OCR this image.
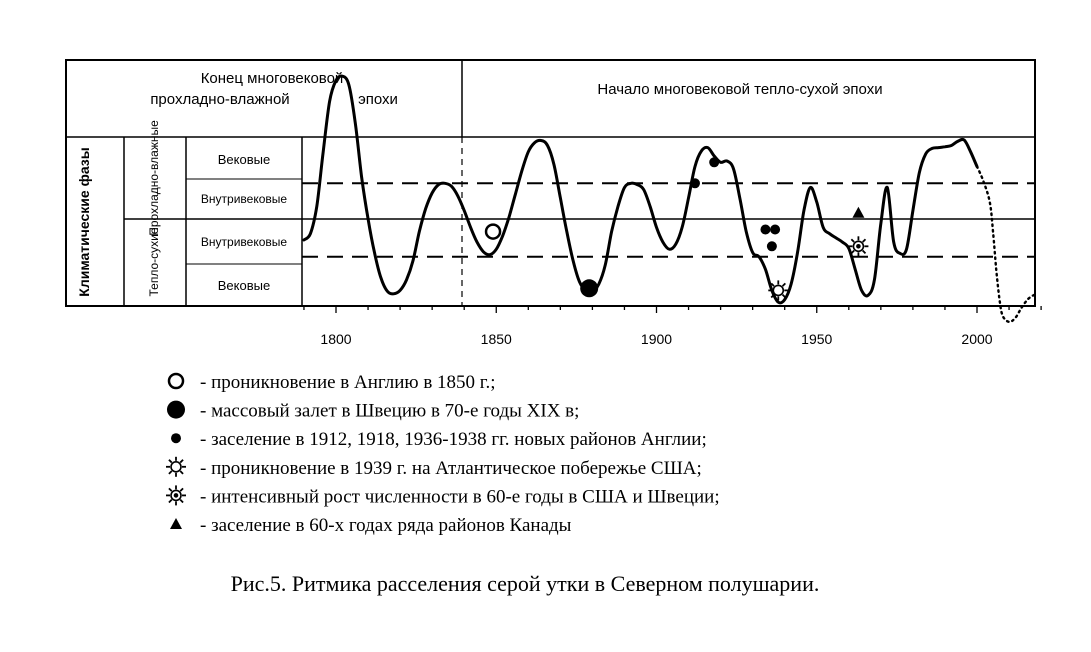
Конец многовековой
прохладно-влажной	эпохи
Начало многовековой тепло-сухой эпохи
Климатические фазы	Прохладно-влажные
Тепло-сухие
Вековые
Внутривековые
Внутривековые
Вековые
1800	1850	1900	1950	2000
- проникновение в Англию в 1850 г.;
- массовый залет в Швецию в 70-е годы XIX в;
- заселение в 1912, 1918, 1936-1938 гг. новых районов Англии;
- проникновение в 1939 г. на Атлантическое побережье США;
- интенсивный рост численности в 60-е годы в США и Швеции;
- заселение в 60-х годах ряда районов Канады
Рис.5. Ритмика расселения серой утки в Северном полушарии.
